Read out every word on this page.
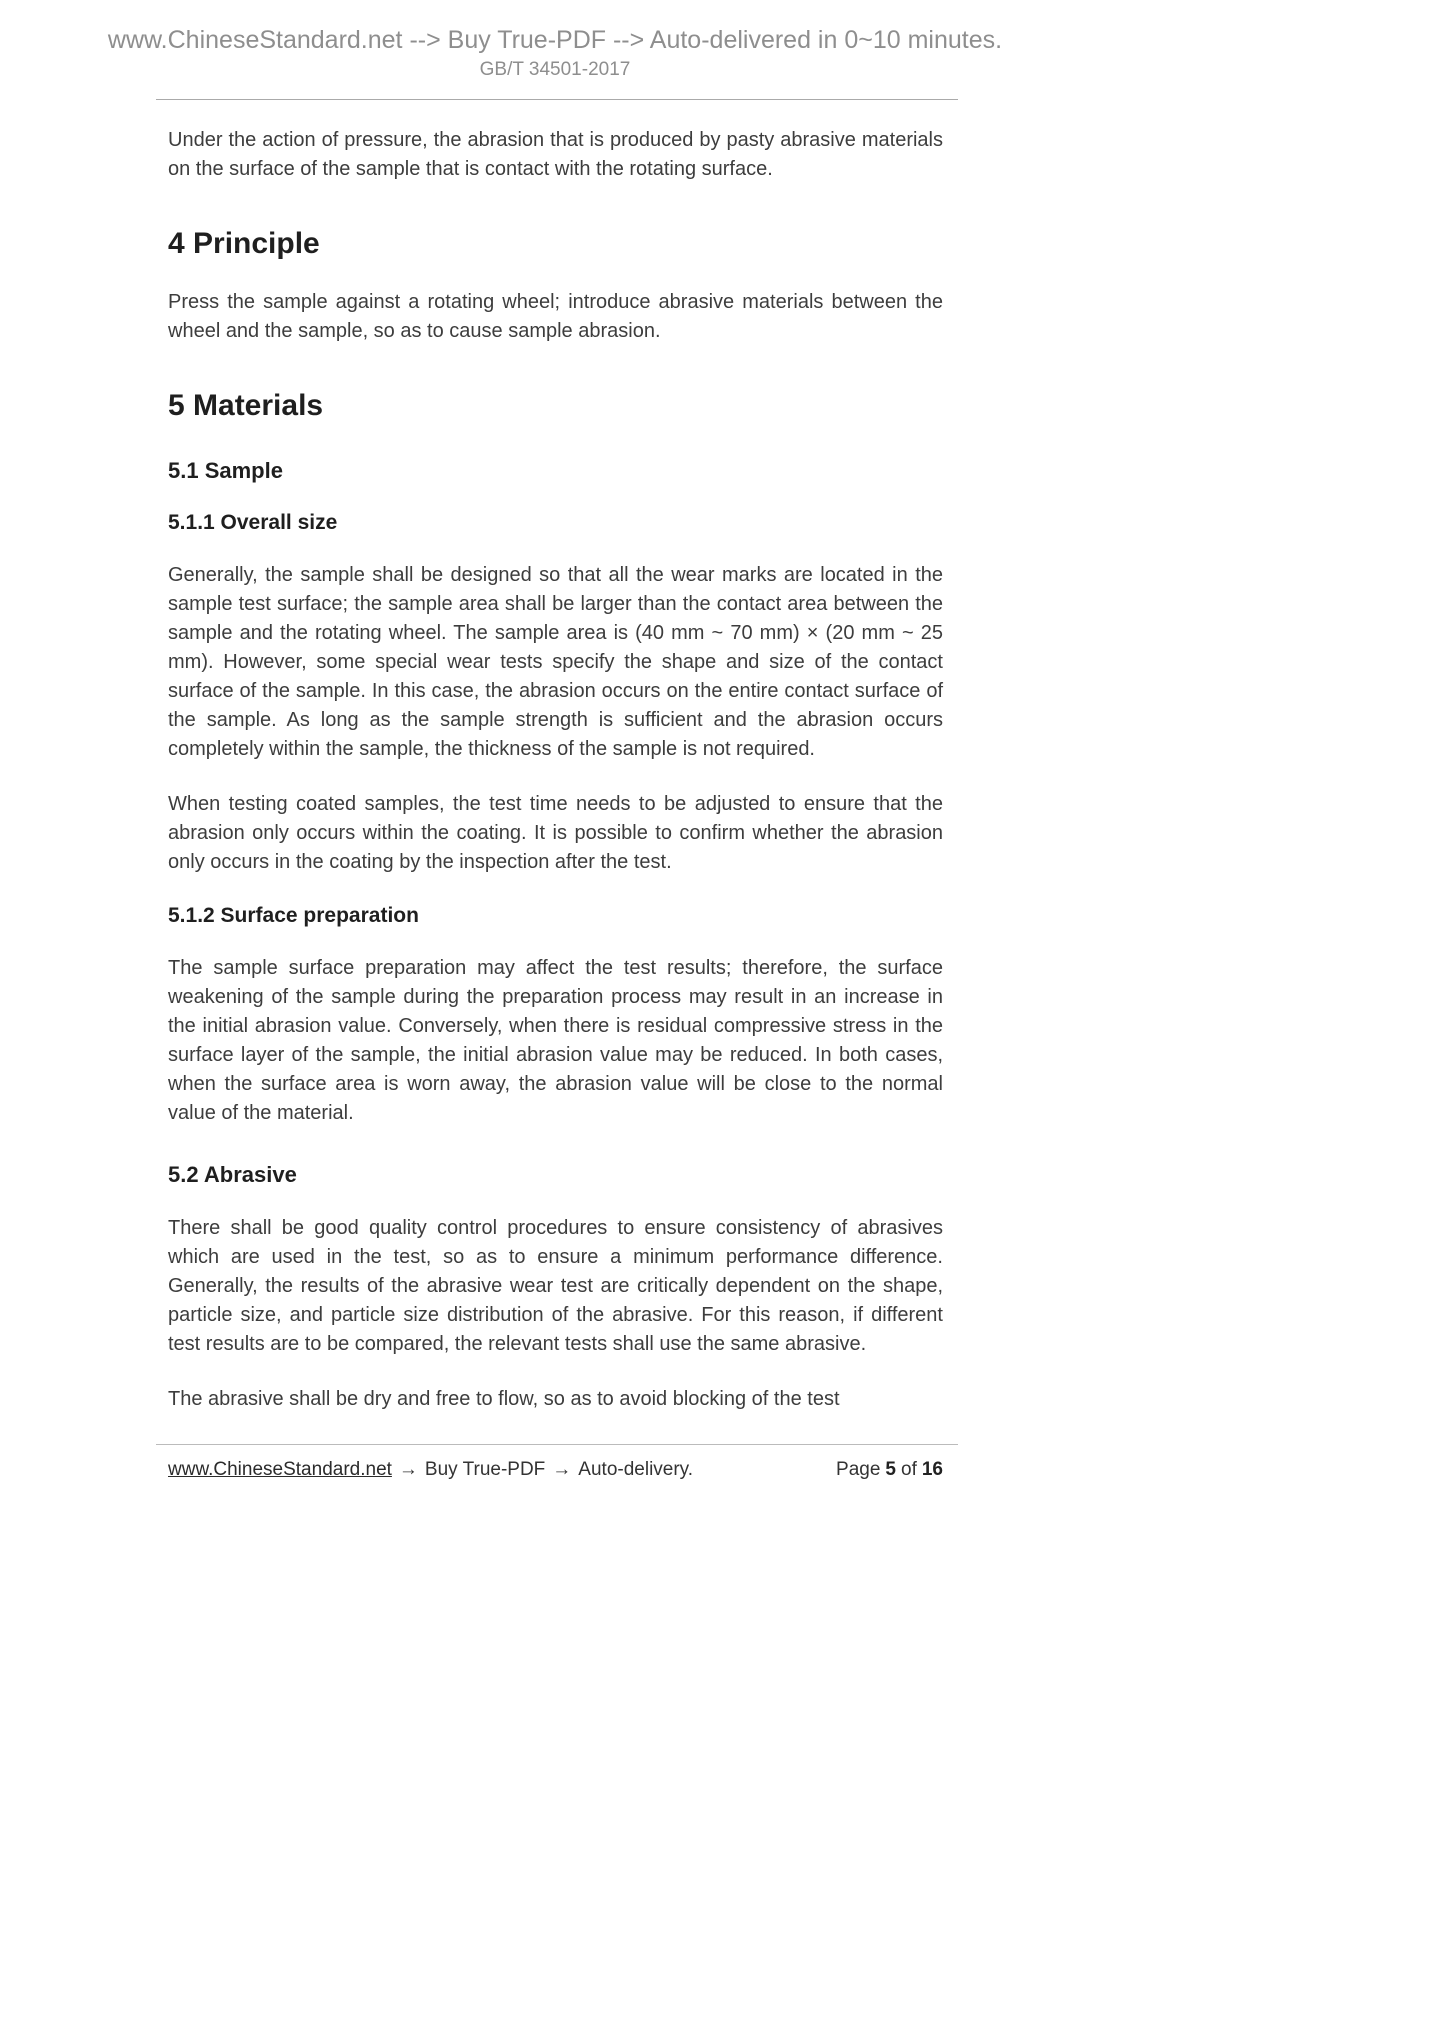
www.ChineseStandard.net --> Buy True-PDF --> Auto-delivered in 0~10 minutes.
GB/T 34501-2017

Under the action of pressure, the abrasion that is produced by pasty abrasive materials on the surface of the sample that is contact with the rotating surface.

4 Principle

Press the sample against a rotating wheel; introduce abrasive materials between the wheel and the sample, so as to cause sample abrasion.

5 Materials
5.1 Sample
5.1.1 Overall size

Generally, the sample shall be designed so that all the wear marks are located in the sample test surface; the sample area shall be larger than the contact area between the sample and the rotating wheel. The sample area is (40 mm ~ 70 mm) × (20 mm ~ 25 mm). However, some special wear tests specify the shape and size of the contact surface of the sample. In this case, the abrasion occurs on the entire contact surface of the sample. As long as the sample strength is sufficient and the abrasion occurs completely within the sample, the thickness of the sample is not required.

When testing coated samples, the test time needs to be adjusted to ensure that the abrasion only occurs within the coating. It is possible to confirm whether the abrasion only occurs in the coating by the inspection after the test.

5.1.2 Surface preparation

The sample surface preparation may affect the test results; therefore, the surface weakening of the sample during the preparation process may result in an increase in the initial abrasion value. Conversely, when there is residual compressive stress in the surface layer of the sample, the initial abrasion value may be reduced. In both cases, when the surface area is worn away, the abrasion value will be close to the normal value of the material.

5.2 Abrasive

There shall be good quality control procedures to ensure consistency of abrasives which are used in the test, so as to ensure a minimum performance difference. Generally, the results of the abrasive wear test are critically dependent on the shape, particle size, and particle size distribution of the abrasive. For this reason, if different test results are to be compared, the relevant tests shall use the same abrasive.

The abrasive shall be dry and free to flow, so as to avoid blocking of the test

www.ChineseStandard.net → Buy True-PDF → Auto-delivery.	Page 5 of 16
